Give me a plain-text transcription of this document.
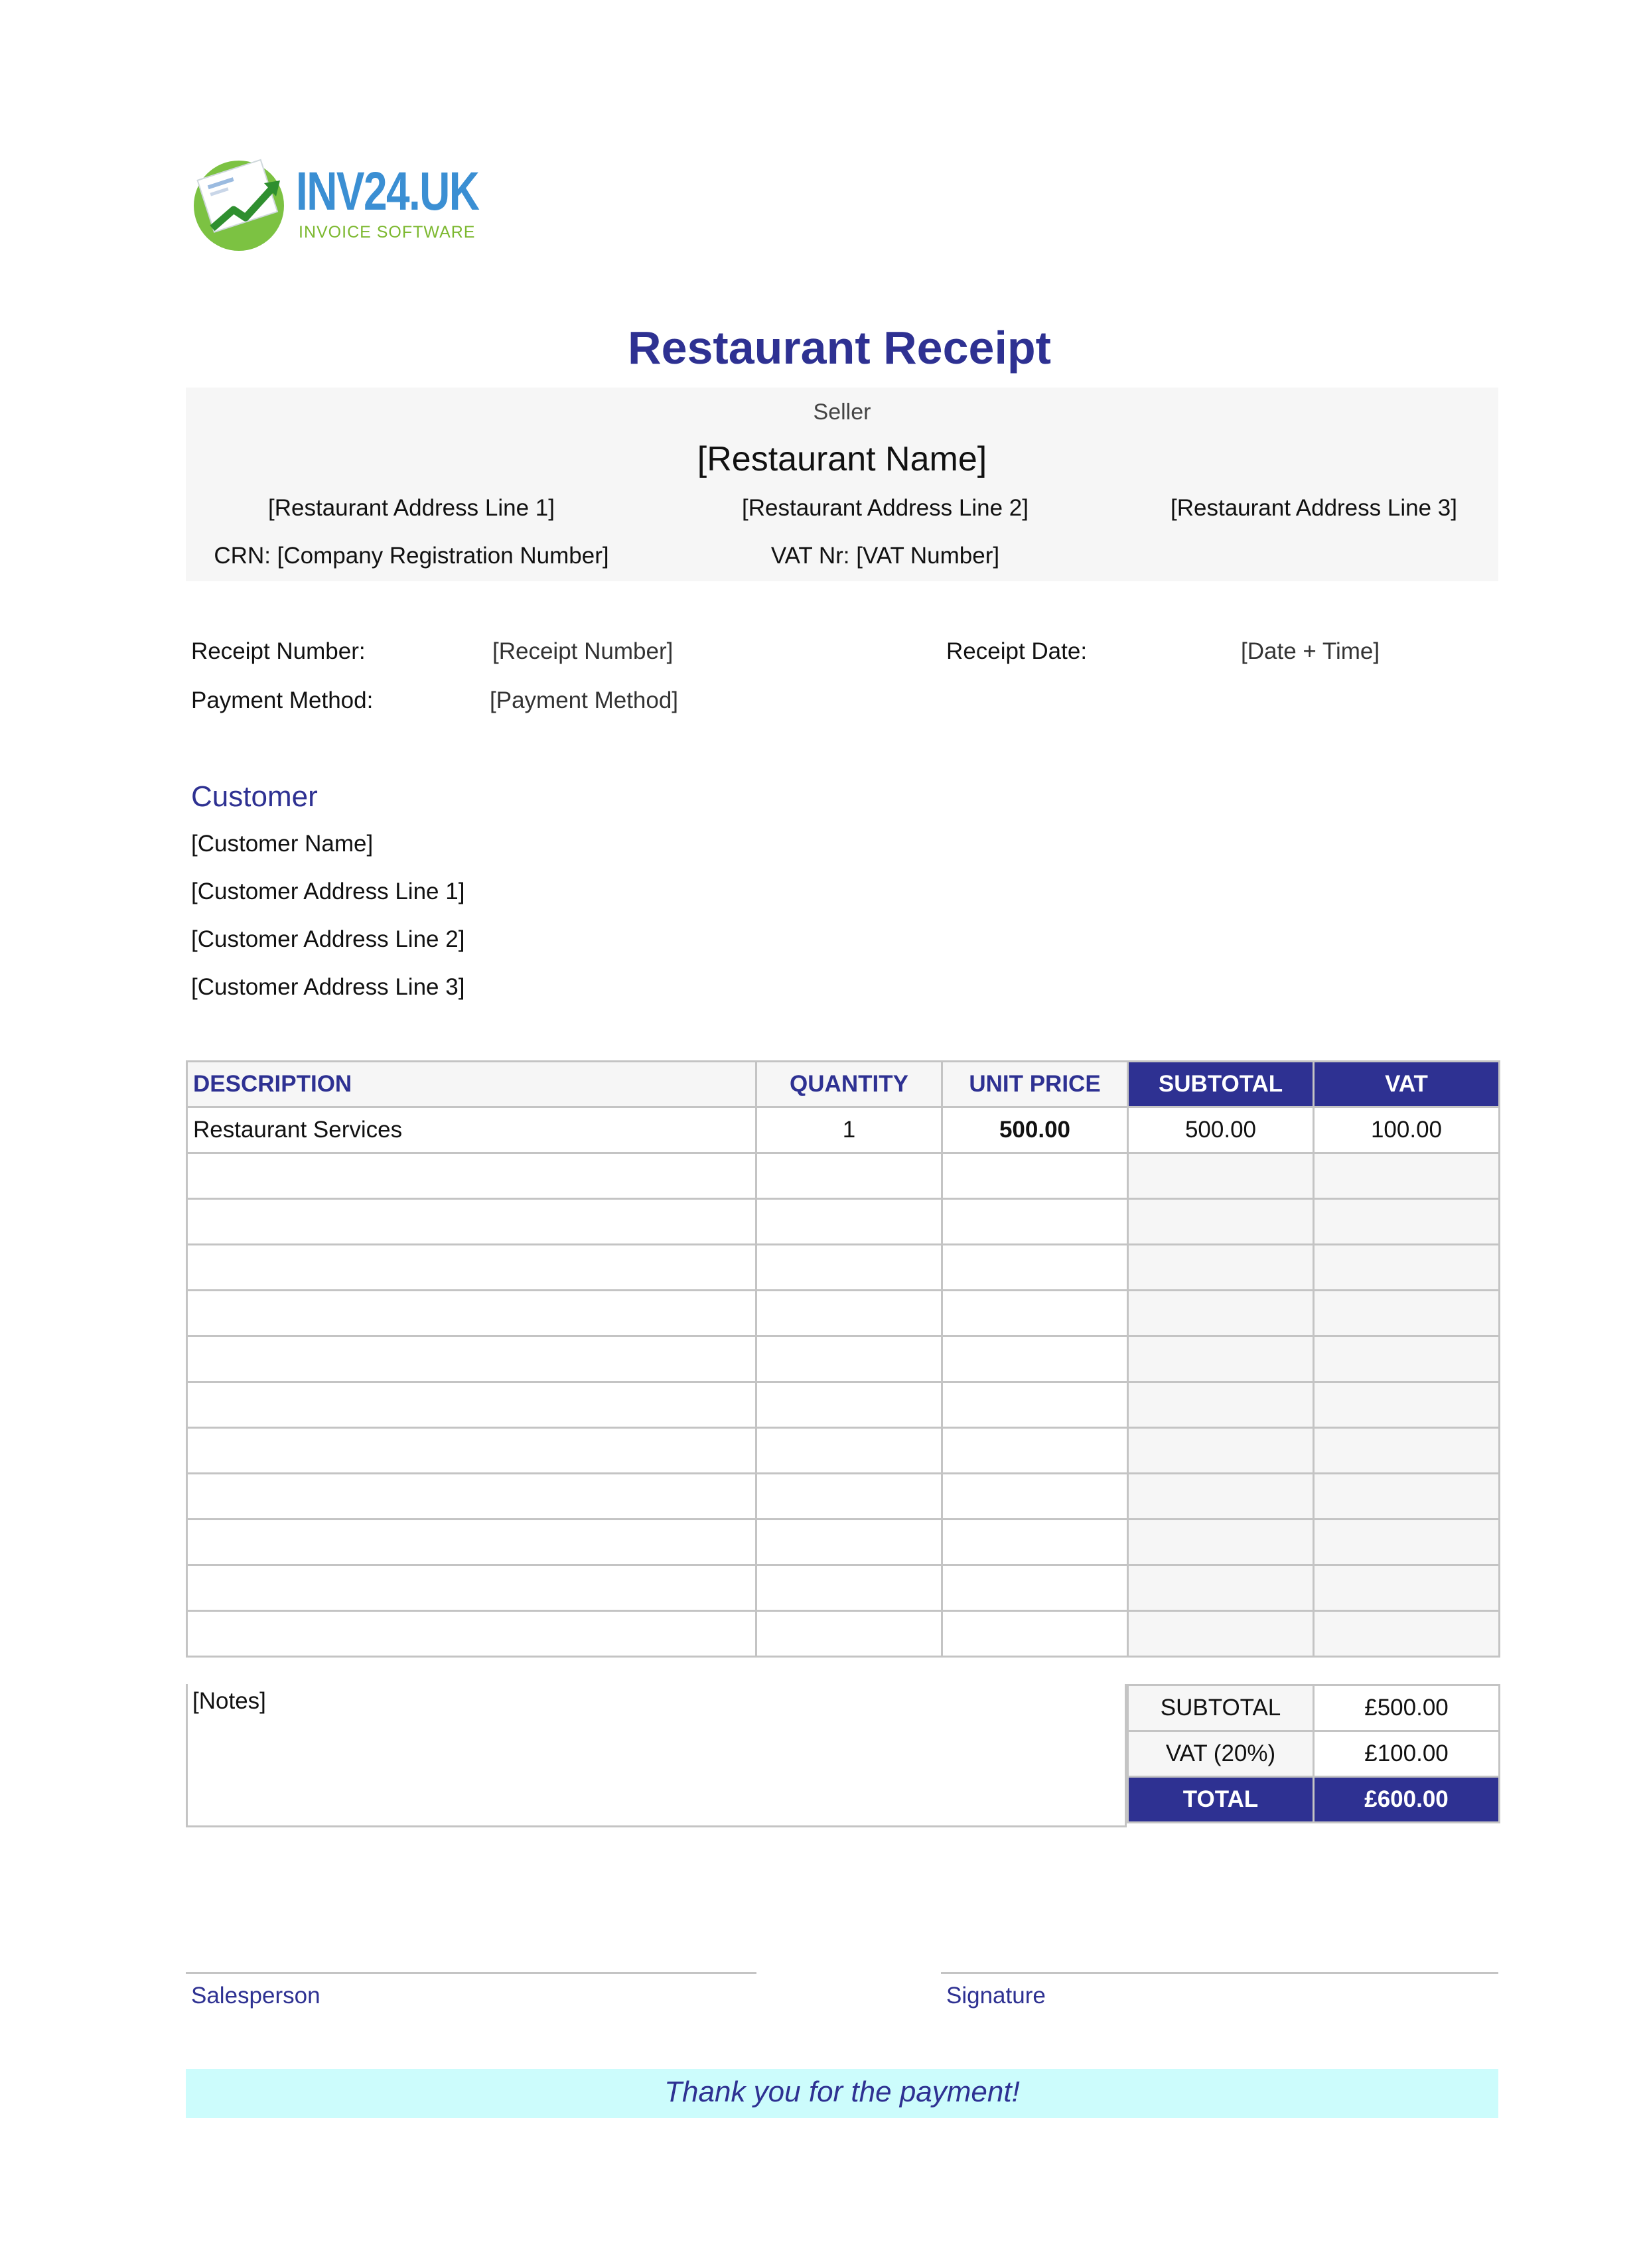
INV24.UK
INVOICE SOFTWARE
Restaurant Receipt
Seller
[Restaurant Name]
[Restaurant Address Line 1]	[Restaurant Address Line 2]	[Restaurant Address Line 3]
CRN: [Company Registration Number]	VAT Nr: [VAT Number]
Receipt Number:	[Receipt Number]	Receipt Date:	[Date + Time]
Payment Method:	[Payment Method]
Customer
[Customer Name]
[Customer Address Line 1]
[Customer Address Line 2]
[Customer Address Line 3]
DESCRIPTION	QUANTITY	UNIT PRICE	SUBTOTAL	VAT
Restaurant Services	1	500.00	500.00	100.00

[Notes]	SUBTOTAL	£500.00
VAT (20%)	£100.00
TOTAL	£600.00
Salesperson	Signature
Thank you for the payment!
